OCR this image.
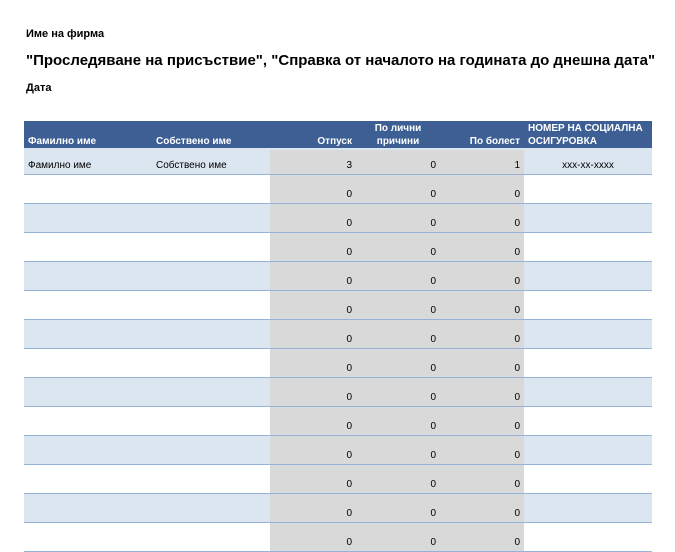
Име на фирма
"Проследяване на присъствие", "Справка от началото на годината до днешна дата"
Дата
Фамилно име	Собствено име	Отпуск	По лични причини	По болест	НОМЕР НА СОЦИАЛНА ОСИГУРОВКА

Фамилно име	Собствено име	3	0	1	xxx-xx-xxxx
		0	0	0	
		0	0	0	
		0	0	0	
		0	0	0	
		0	0	0	
		0	0	0	
		0	0	0	
		0	0	0	
		0	0	0	
		0	0	0	
		0	0	0	
		0	0	0	
		0	0	0	
